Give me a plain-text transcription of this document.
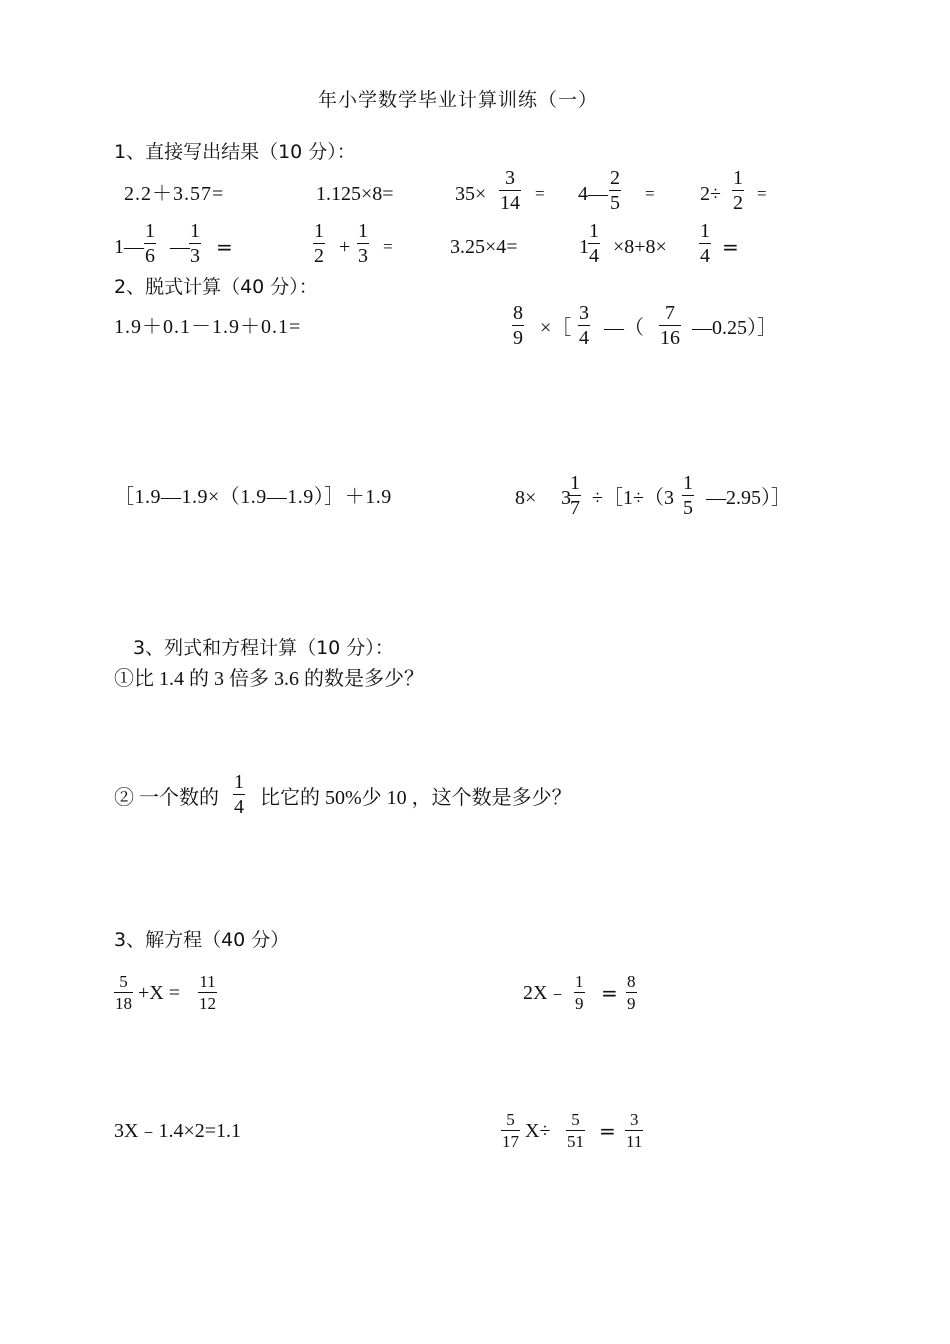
年小学数学毕业计算训练（一）
1、直接写出结果（10 分）：
2.2＋3.57=	1.125×8=	35×
3
14 = 4—
2
5 = 2÷
1
2 =
1—
1
6 —
1
3 =
1
2 +
1
3 =	3.25×4=	1
1
4 ×8+8×
1
4 =
2、脱式计算（40 分）：
1.9＋0.1－1.9＋0.1=
8
9 ×［
3
4 —（
7
16 —0.25）］
［1.9—1.9×（1.9—1.9）］＋1.9	8× 3
1
7 ÷［1÷（3
1
5 —2.95）］
3、列式和方程计算（10 分）：
①比 1.4 的 3 倍多 3.6 的数是多少？
② 一个数的
1
4 比它的 50%少 10 ，这个数是多少？
3、解方程（40 分）
5
18 +X =
11
12	2X﹣
1
9 = 8
9
3X﹣1.4×2=1.1
5
17 X÷
5
51 = 3
11
